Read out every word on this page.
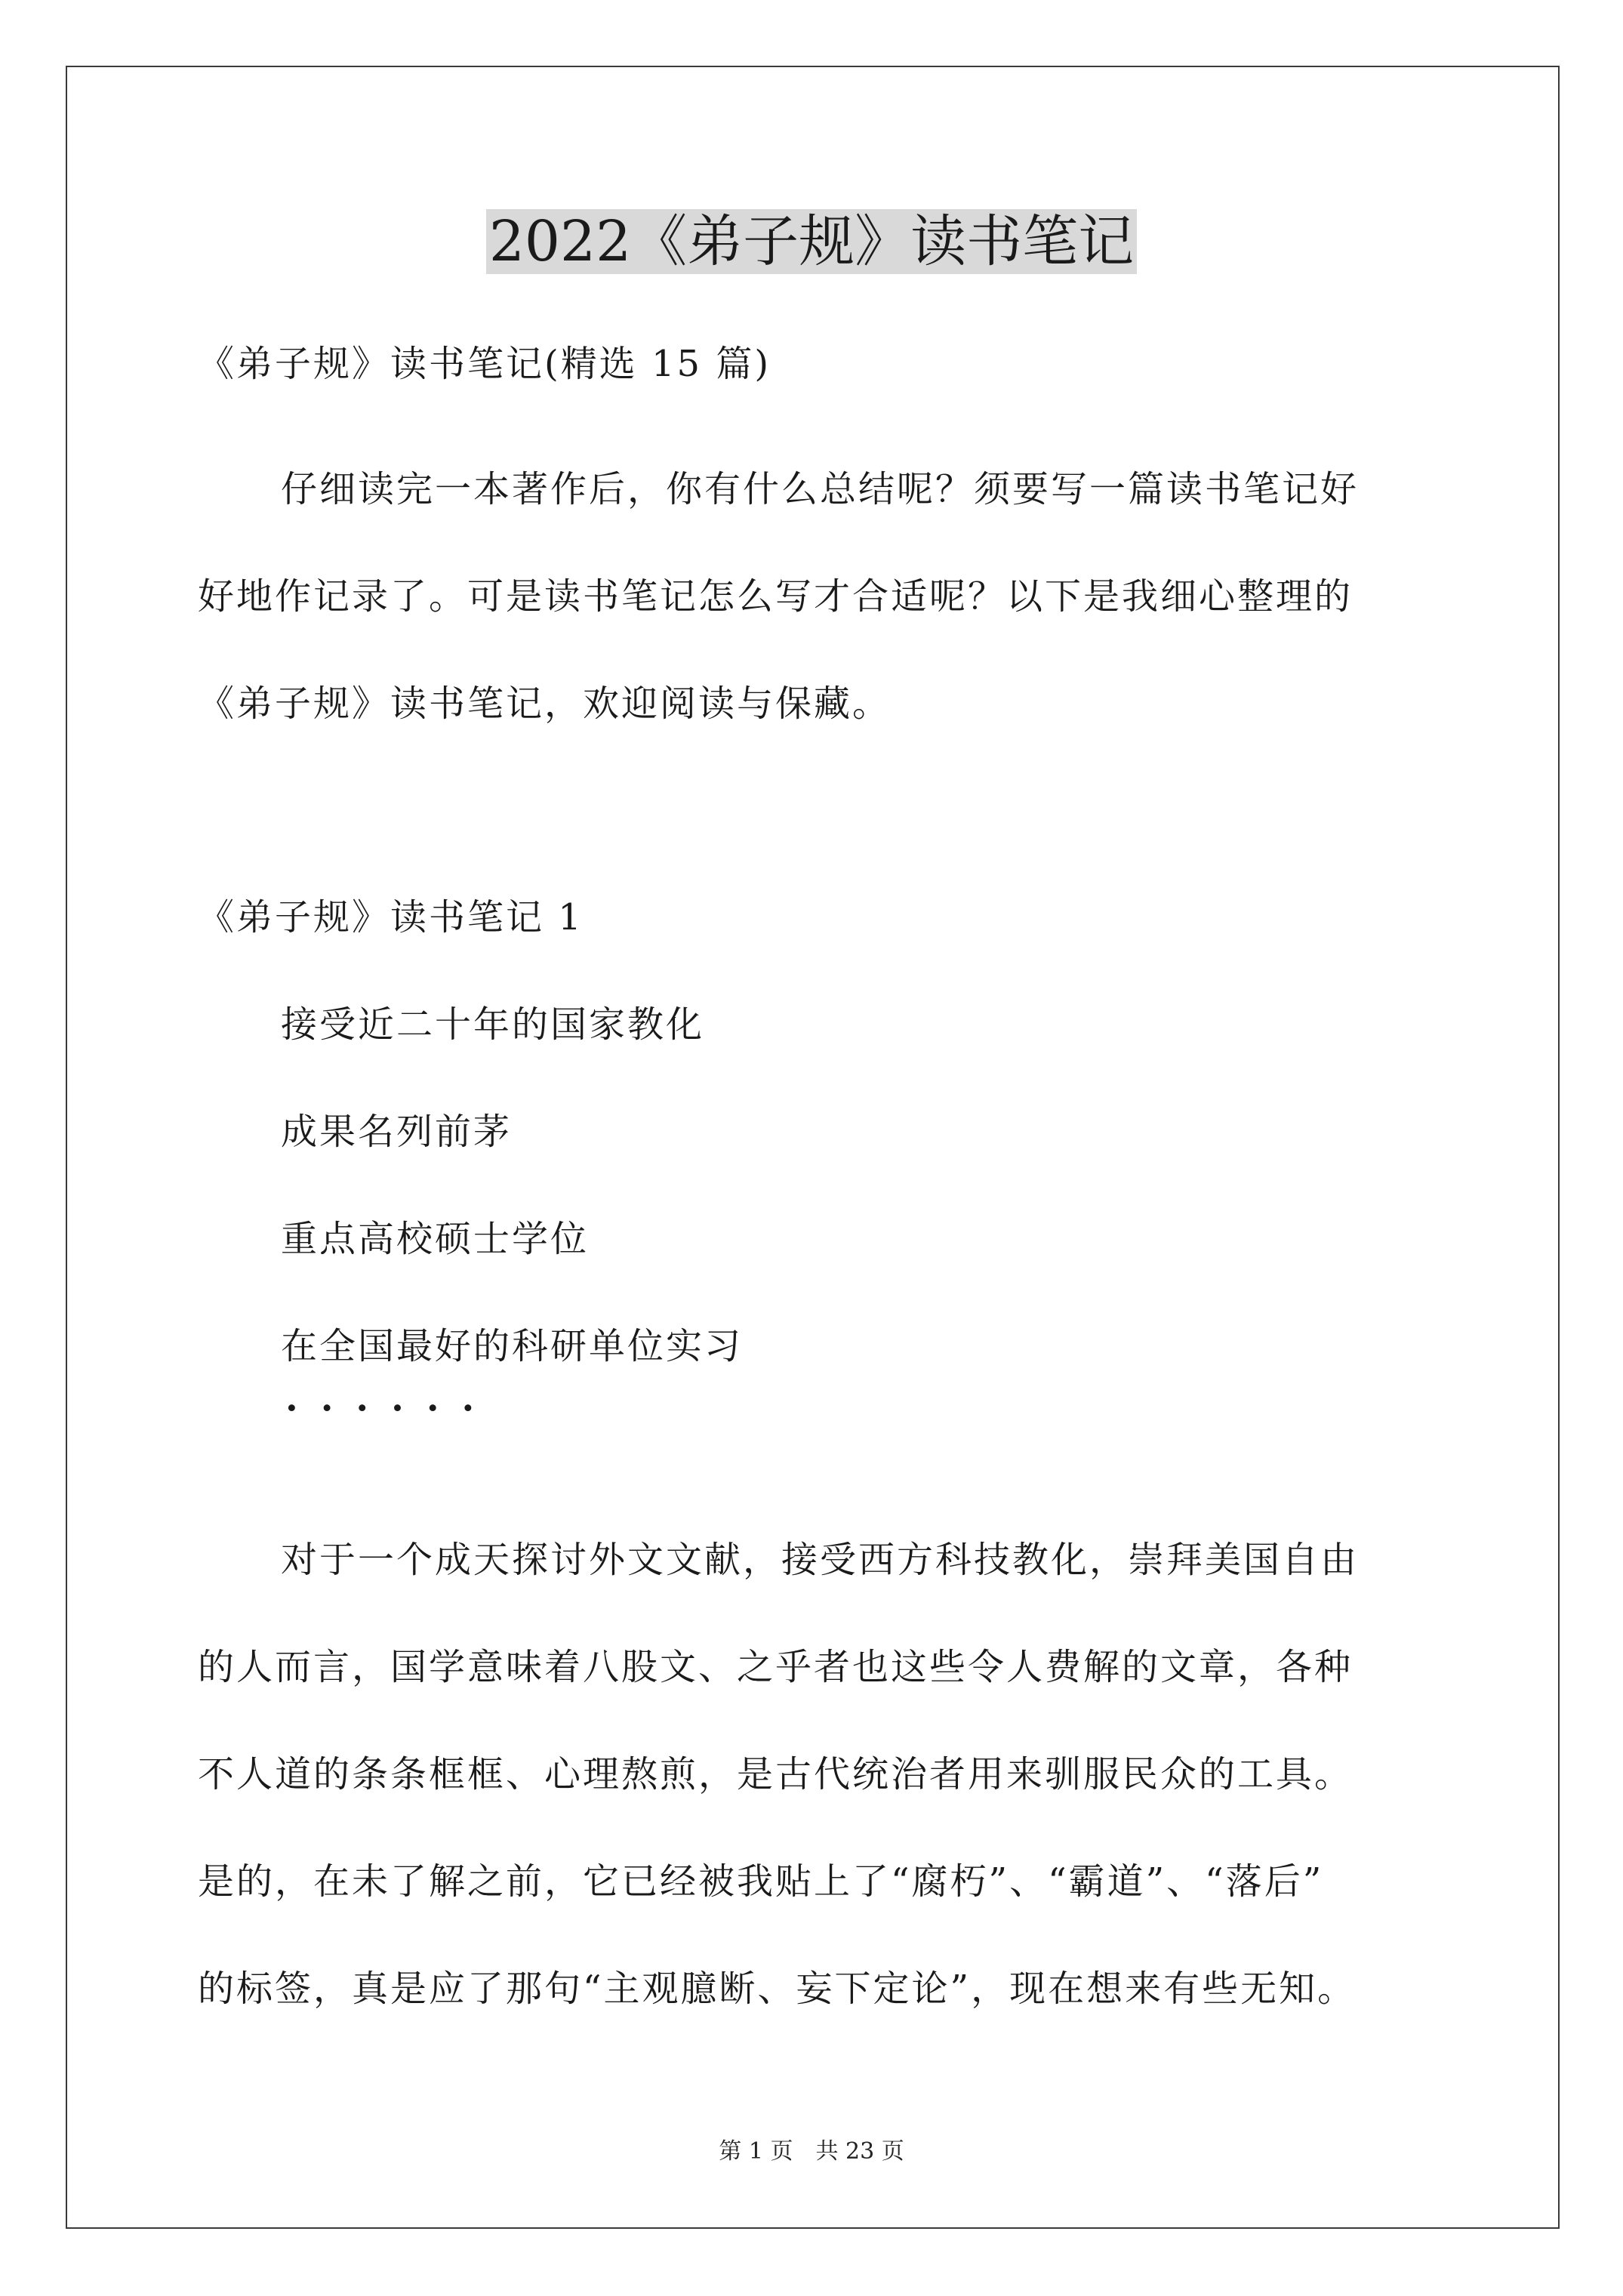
2022《弟子规》读书笔记
《弟子规》读书笔记(精选 15 篇)
仔细读完一本著作后，你有什么总结呢？须要写一篇读书笔记好
好地作记录了。可是读书笔记怎么写才合适呢？以下是我细心整理的
《弟子规》读书笔记，欢迎阅读与保藏。
《弟子规》读书笔记 1
接受近二十年的国家教化
成果名列前茅
重点高校硕士学位
在全国最好的科研单位实习
······
对于一个成天探讨外文文献，接受西方科技教化，崇拜美国自由
的人而言，国学意味着八股文、之乎者也这些令人费解的文章，各种
不人道的条条框框、心理熬煎，是古代统治者用来驯服民众的工具。
是的，在未了解之前，它已经被我贴上了“腐朽”、“霸道”、“落后”
的标签，真是应了那句“主观臆断、妄下定论”，现在想来有些无知。
第 1 页　共 23 页
